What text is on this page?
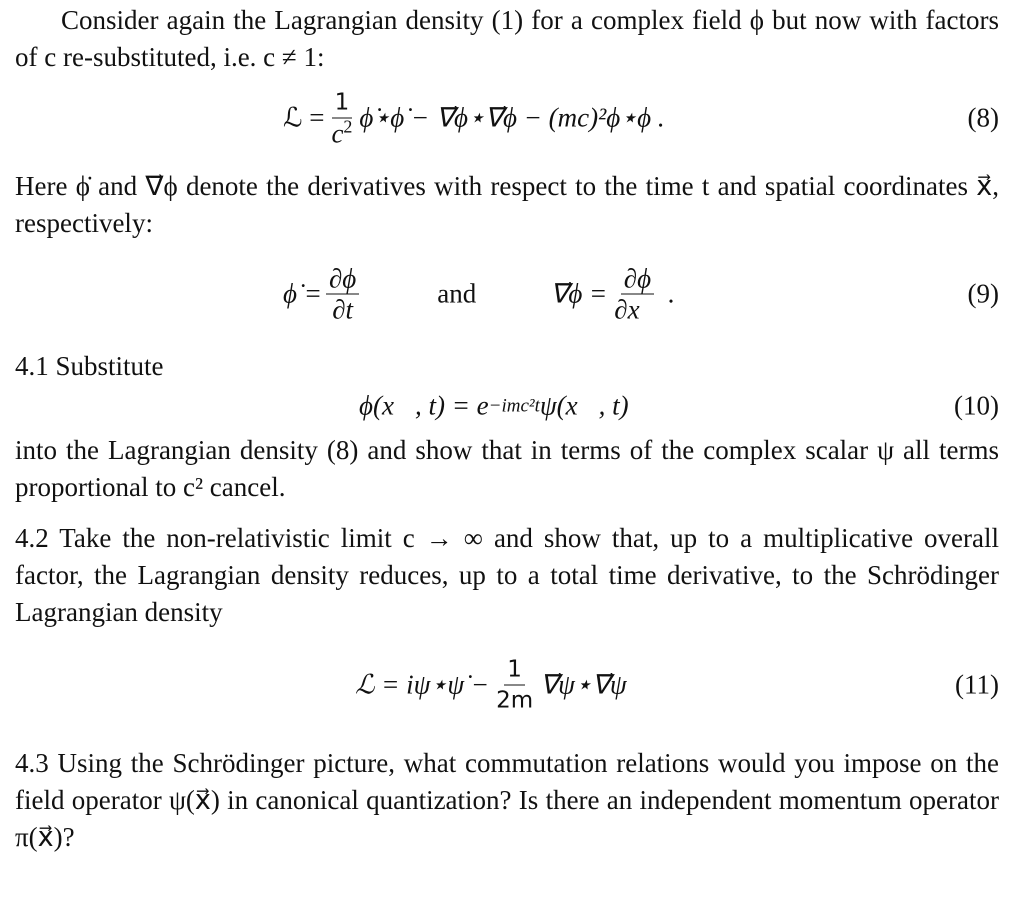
Consider again the Lagrangian density (1) for a complex field ϕ but now with factors of c re-substituted, i.e. c ≠ 1:

ℒ = $\frac{1}{c^2}$ ϕ̇⋆ϕ̇ − ∇⃗ϕ⋆∇⃗ϕ − (mc)²ϕ⋆ϕ .	(8)

Here ϕ̇ and ∇⃗ϕ denote the derivatives with respect to the time t and spatial coordinates x⃗, respectively:

ϕ̇ = $\frac{\partial\phi}{\partial t}$	and	∇⃗ϕ = $\frac{\partial\phi}{\partial x⃗}$ .	(9)

4.1 Substitute

ϕ(x⃗, t) = e −imc²t ψ(x⃗, t)	(10)

into the Lagrangian density (8) and show that in terms of the complex scalar ψ all terms proportional to c² cancel.

4.2 Take the non-relativistic limit c → ∞ and show that, up to a multiplicative overall factor, the Lagrangian density reduces, up to a total time derivative, to the Schrödinger Lagrangian density

ℒ = iψ⋆ψ̇ − $\frac{1}{2m}$ ∇⃗ψ⋆∇⃗ψ	(11)

4.3 Using the Schrödinger picture, what commutation relations would you impose on the field operator ψ(x⃗) in canonical quantization? Is there an independent momentum operator π(x⃗)?
